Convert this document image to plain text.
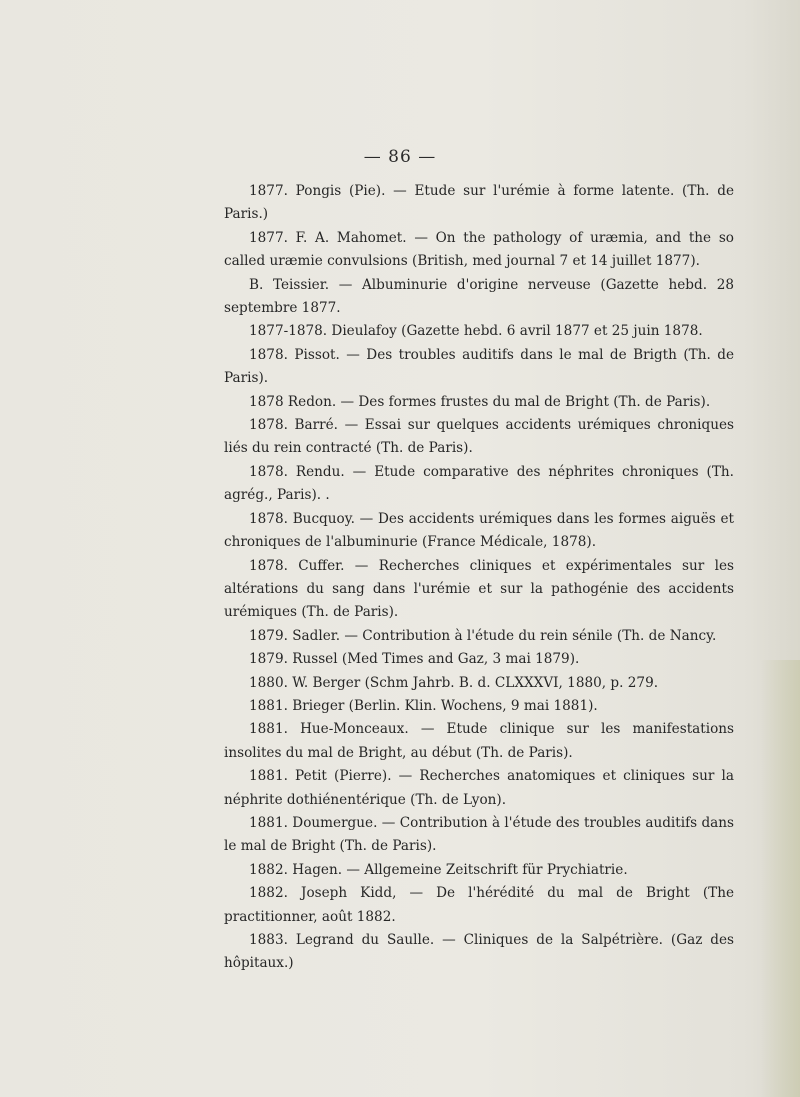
— 86 —

1877. Pongis (Pie). — Etude sur l'urémie à forme latente. (Th. de Paris.)

1877. F. A. Mahomet. — On the pathology of uræmia, and the so called uræmie convulsions (British, med journal 7 et 14 juillet 1877).

B. Teissier. — Albuminurie d'origine nerveuse (Gazette hebd. 28 septembre 1877.

1877-1878. Dieulafoy (Gazette hebd. 6 avril 1877 et 25 juin 1878.

1878. Pissot. — Des troubles auditifs dans le mal de Brigth (Th. de Paris).

1878 Redon. — Des formes frustes du mal de Bright (Th. de Paris).

1878. Barré. — Essai sur quelques accidents urémiques chroniques liés du rein contracté (Th. de Paris).

1878. Rendu. — Etude comparative des néphrites chroniques (Th. agrég., Paris). .

1878. Bucquoy. — Des accidents urémiques dans les formes aiguës et chroniques de l'albuminurie (France Médicale, 1878).

1878. Cuffer. — Recherches cliniques et expérimentales sur les altérations du sang dans l'urémie et sur la pathogénie des accidents urémiques (Th. de Paris).

1879. Sadler. — Contribution à l'étude du rein sénile (Th. de Nancy.

1879. Russel (Med Times and Gaz, 3 mai 1879).

1880. W. Berger (Schm Jahrb. B. d. CLXXXVI, 1880, p. 279.

1881. Brieger (Berlin. Klin. Wochens, 9 mai 1881).

1881. Hue-Monceaux. — Etude clinique sur les manifestations insolites du mal de Bright, au début (Th. de Paris).

1881. Petit (Pierre). — Recherches anatomiques et cliniques sur la néphrite dothiénentérique (Th. de Lyon).

1881. Doumergue. — Contribution à l'étude des troubles auditifs dans le mal de Bright (Th. de Paris).

1882. Hagen. — Allgemeine Zeitschrift für Prychiatrie.

1882. Joseph Kidd, — De l'hérédité du mal de Bright (The practitionner, août 1882.

1883. Legrand du Saulle. — Cliniques de la Salpétrière. (Gaz des hôpitaux.)
